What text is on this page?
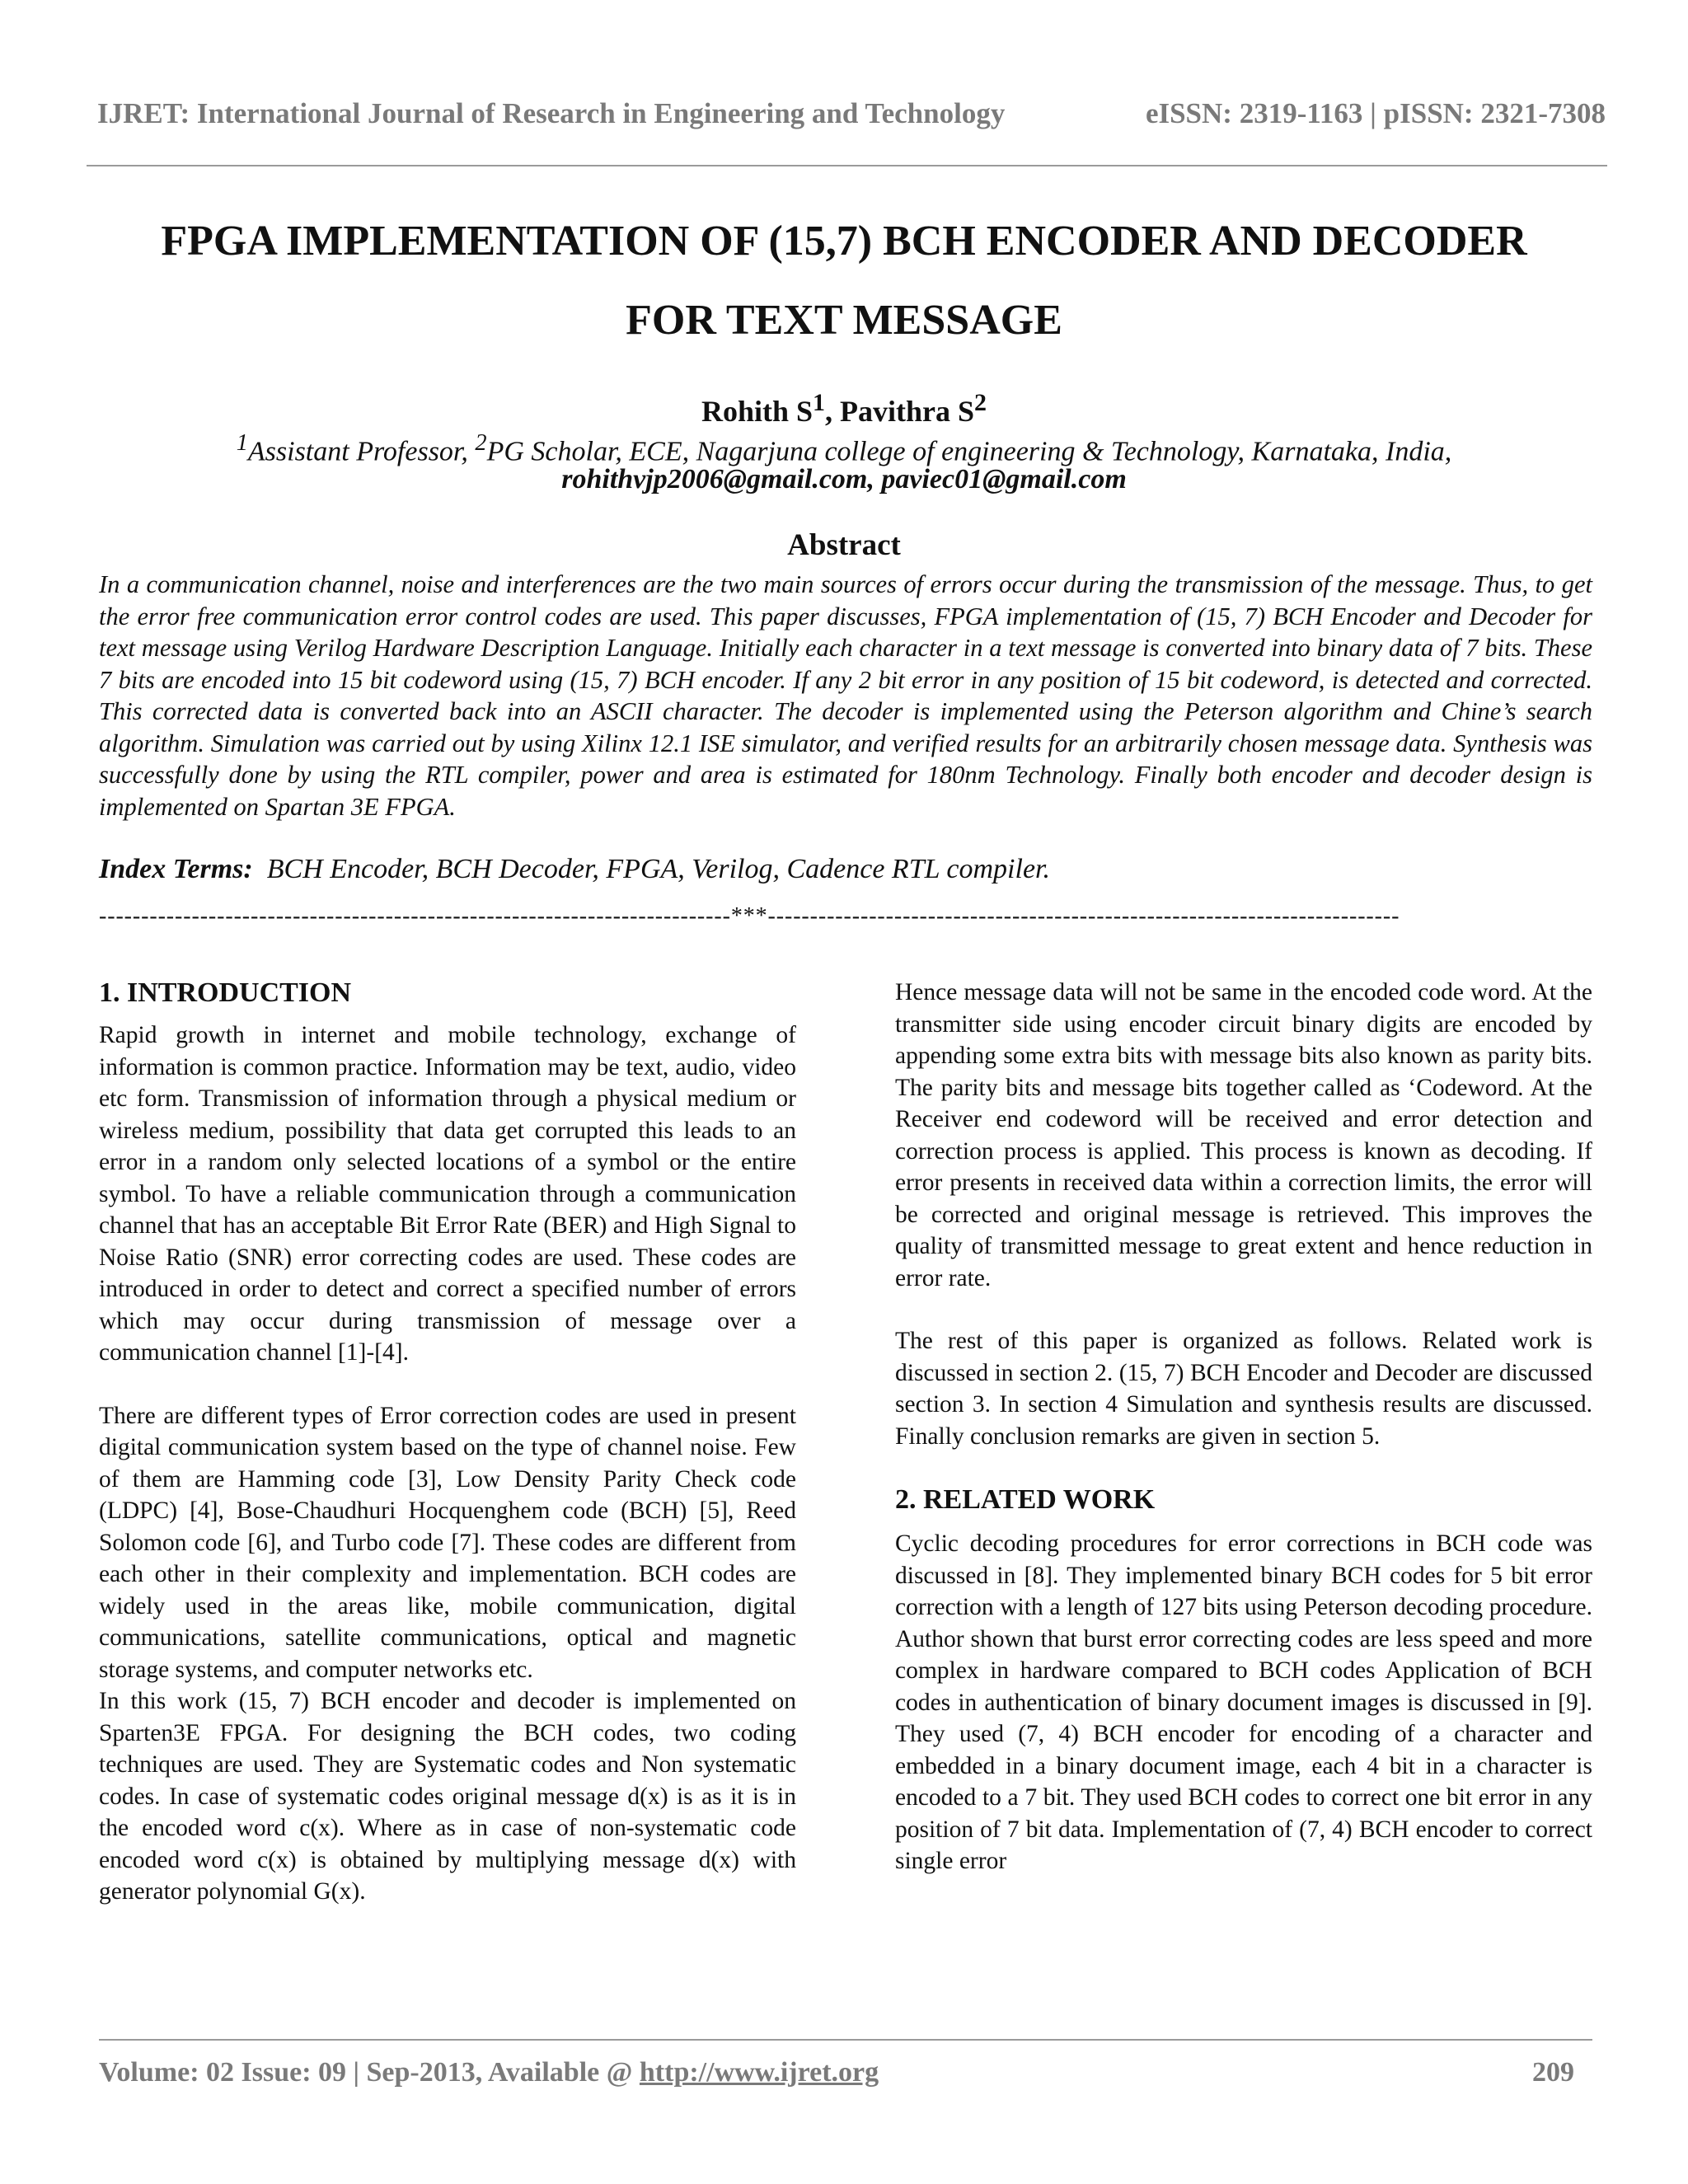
IJRET: International Journal of Research in Engineering and Technology	eISSN: 2319-1163 | pISSN: 2321-7308
FPGA IMPLEMENTATION OF (15,7) BCH ENCODER AND DECODER
FOR TEXT MESSAGE
Rohith $S^1$, Pavithra $S^2$
$^1$Assistant Professor, $^2$PG Scholar, ECE, Nagarjuna college of engineering & Technology, Karnataka, India,
rohithvjp2006@gmail.com, paviec01@gmail.com
Abstract
In a communication channel, noise and interferences are the two main sources of errors occur during the transmission of the message. Thus, to get the error free communication error control codes are used. This paper discusses, FPGA implementation of (15, 7) BCH Encoder and Decoder for text message using Verilog Hardware Description Language. Initially each character in a text message is converted into binary data of 7 bits. These 7 bits are encoded into 15 bit codeword using (15, 7) BCH encoder. If any 2 bit error in any position of 15 bit codeword, is detected and corrected. This corrected data is converted back into an ASCII character. The decoder is implemented using the Peterson algorithm and Chine’s search algorithm. Simulation was carried out by using Xilinx 12.1 ISE simulator, and verified results for an arbitrarily chosen message data. Synthesis was successfully done by using the RTL compiler, power and area is estimated for 180nm Technology. Finally both encoder and decoder design is implemented on Spartan 3E FPGA.
Index Terms: BCH Encoder, BCH Decoder, FPGA, Verilog, Cadence RTL compiler.
---------------------------------------------------------------------------***---------------------------------------------------------------------------
1. INTRODUCTION

Rapid growth in internet and mobile technology, exchange of information is common practice. Information may be text, audio, video etc form. Transmission of information through a physical medium or wireless medium, possibility that data get corrupted this leads to an error in a random only selected locations of a symbol or the entire symbol. To have a reliable communication through a communication channel that has an acceptable Bit Error Rate (BER) and High Signal to Noise Ratio (SNR) error correcting codes are used. These codes are introduced in order to detect and correct a specified number of errors which may occur during transmission of message over a communication channel [1]-[4].

There are different types of Error correction codes are used in present digital communication system based on the type of channel noise. Few of them are Hamming code [3], Low Density Parity Check code (LDPC) [4], Bose-Chaudhuri Hocquenghem code (BCH) [5], Reed Solomon code [6], and Turbo code [7]. These codes are different from each other in their complexity and implementation. BCH codes are widely used in the areas like, mobile communication, digital communications, satellite communications, optical and magnetic storage systems, and computer networks etc.

In this work (15, 7) BCH encoder and decoder is implemented on Sparten3E FPGA. For designing the BCH codes, two coding techniques are used. They are Systematic codes and Non systematic codes. In case of systematic codes original message d(x) is as it is in the encoded word c(x). Where as in case of non-systematic code encoded word c(x) is obtained by multiplying message d(x) with generator polynomial G(x).

Hence message data will not be same in the encoded code word. At the transmitter side using encoder circuit binary digits are encoded by appending some extra bits with message bits also known as parity bits. The parity bits and message bits together called as ‘Codeword. At the Receiver end codeword will be received and error detection and correction process is applied. This process is known as decoding. If error presents in received data within a correction limits, the error will be corrected and original message is retrieved. This improves the quality of transmitted message to great extent and hence reduction in error rate.

The rest of this paper is organized as follows. Related work is discussed in section 2. (15, 7) BCH Encoder and Decoder are discussed section 3. In section 4 Simulation and synthesis results are discussed. Finally conclusion remarks are given in section 5.

2. RELATED WORK

Cyclic decoding procedures for error corrections in BCH code was discussed in [8]. They implemented binary BCH codes for 5 bit error correction with a length of 127 bits using Peterson decoding procedure. Author shown that burst error correcting codes are less speed and more complex in hardware compared to BCH codes Application of BCH codes in authentication of binary document images is discussed in [9]. They used (7, 4) BCH encoder for encoding of a character and embedded in a binary document image, each 4 bit in a character is encoded to a 7 bit. They used BCH codes to correct one bit error in any position of 7 bit data. Implementation of (7, 4) BCH encoder to correct single error

Volume: 02 Issue: 09 | Sep-2013, Available @ http://www.ijret.org	209
